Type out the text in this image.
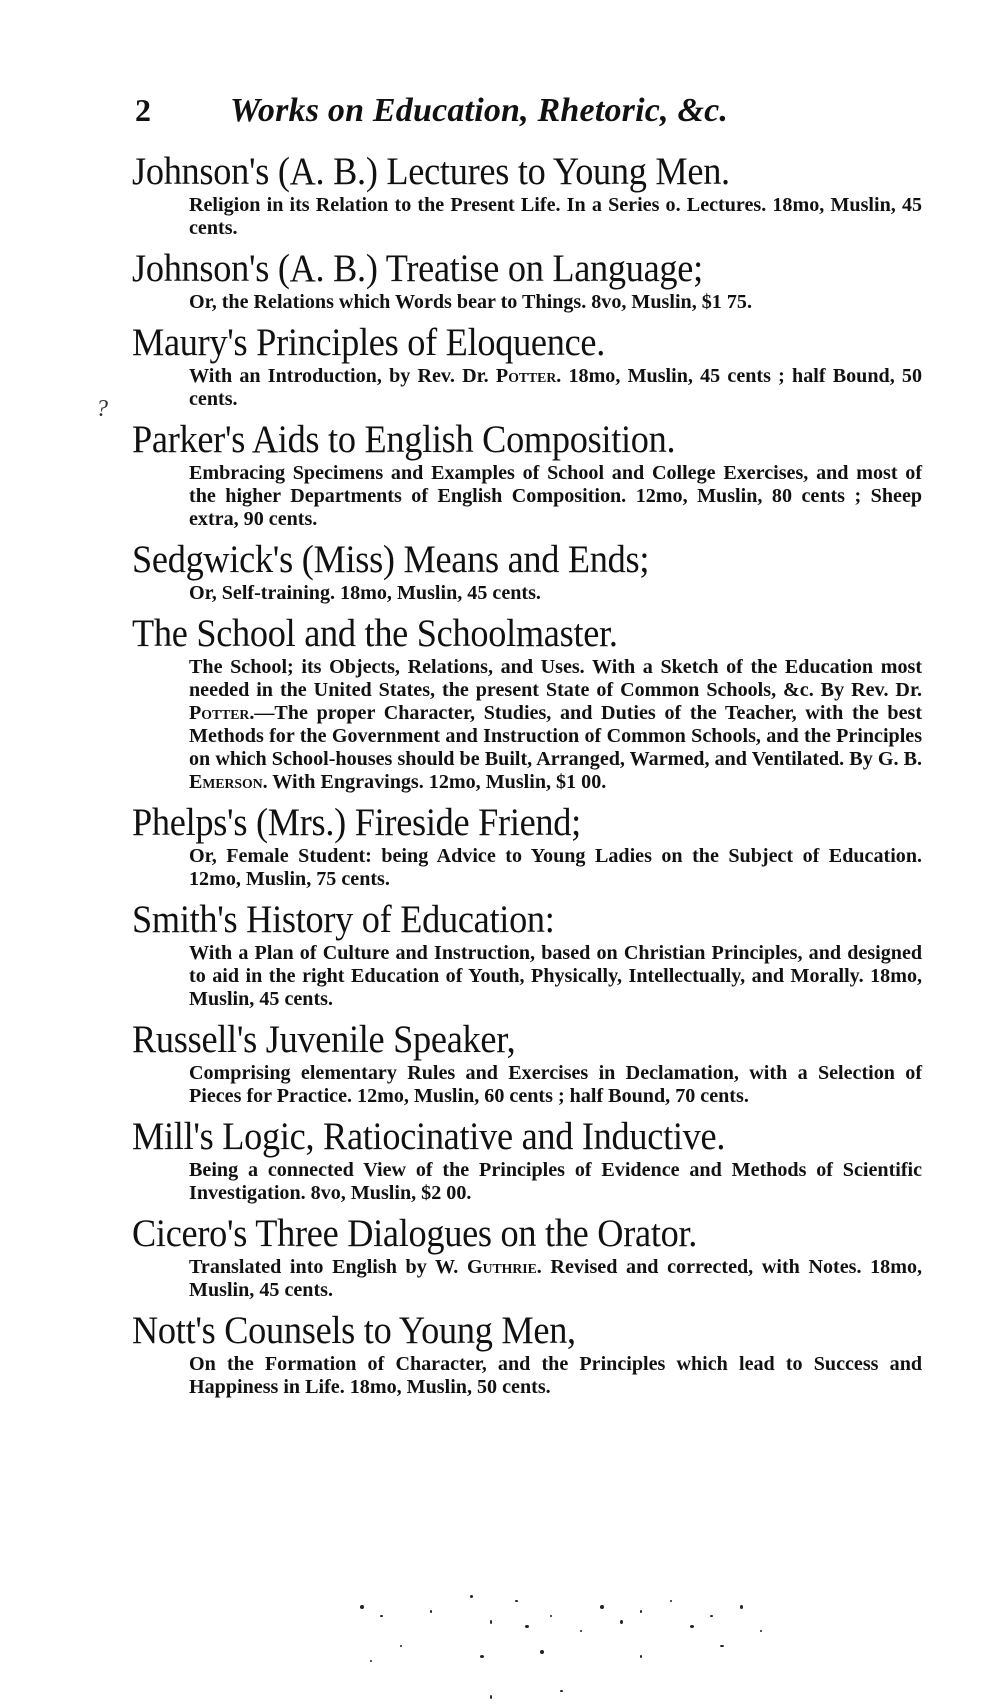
2	Works on Education, Rhetoric, &c.
?
Johnson's (A. B.) Lectures to Young Men.
Religion in its Relation to the Present Life. In a Series o. Lectures. 18mo, Muslin, 45 cents.
Johnson's (A. B.) Treatise on Language;
Or, the Relations which Words bear to Things. 8vo, Muslin, $1 75.
Maury's Principles of Eloquence.
With an Introduction, by Rev. Dr. Potter. 18mo, Muslin, 45 cents ; half Bound, 50 cents.
Parker's Aids to English Composition.
Embracing Specimens and Examples of School and College Exercises, and most of the higher Departments of English Composition. 12mo, Muslin, 80 cents ; Sheep extra, 90 cents.
Sedgwick's (Miss) Means and Ends;
Or, Self-training. 18mo, Muslin, 45 cents.
The School and the Schoolmaster.
The School; its Objects, Relations, and Uses. With a Sketch of the Education most needed in the United States, the present State of Common Schools, &c. By Rev. Dr. Potter.—The proper Character, Studies, and Duties of the Teacher, with the best Methods for the Government and Instruction of Common Schools, and the Principles on which School-houses should be Built, Arranged, Warmed, and Ventilated. By G. B. Emerson. With Engravings. 12mo, Muslin, $1 00.
Phelps's (Mrs.) Fireside Friend;
Or, Female Student: being Advice to Young Ladies on the Subject of Education. 12mo, Muslin, 75 cents.
Smith's History of Education:
With a Plan of Culture and Instruction, based on Christian Principles, and designed to aid in the right Education of Youth, Physically, Intellectually, and Morally. 18mo, Muslin, 45 cents.
Russell's Juvenile Speaker,
Comprising elementary Rules and Exercises in Declamation, with a Selection of Pieces for Practice. 12mo, Muslin, 60 cents ; half Bound, 70 cents.
Mill's Logic, Ratiocinative and Inductive.
Being a connected View of the Principles of Evidence and Methods of Scientific Investigation. 8vo, Muslin, $2 00.
Cicero's Three Dialogues on the Orator.
Translated into English by W. Guthrie. Revised and corrected, with Notes. 18mo, Muslin, 45 cents.
Nott's Counsels to Young Men,
On the Formation of Character, and the Principles which lead to Success and Happiness in Life. 18mo, Muslin, 50 cents.
